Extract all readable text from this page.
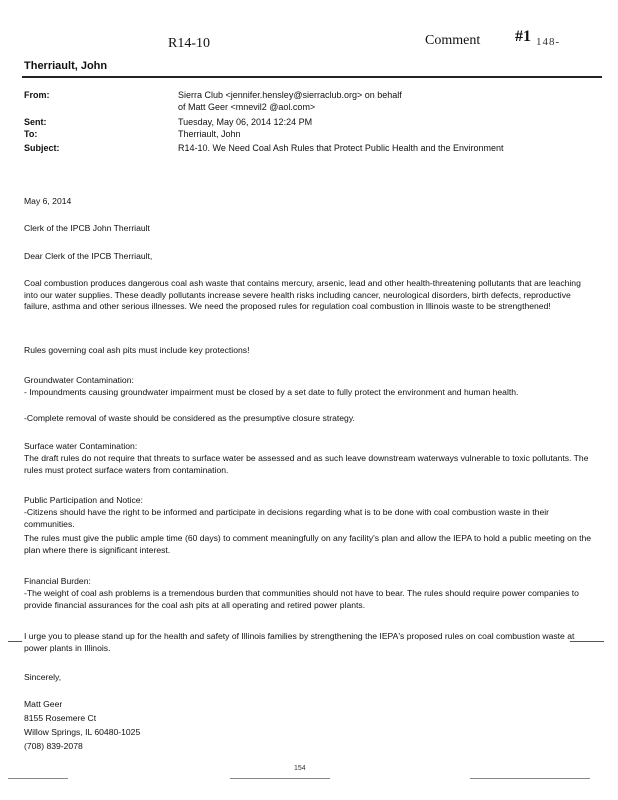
R14-10	Comment #1 148-
Therriault, John
From:	Sierra Club <jennifer.hensley@sierraclub.org> on behalf of Matt Geer <mnevil2 @aol.com>
Sent:	Tuesday, May 06, 2014 12:24 PM
To:	Therriault, John
Subject:	R14-10. We Need Coal Ash Rules that Protect Public Health and the Environment

May 6, 2014

Clerk of the IPCB John Therriault

Dear Clerk of the IPCB Therriault,

Coal combustion produces dangerous coal ash waste that contains mercury, arsenic, lead and other health-threatening pollutants that are leaching into our water supplies. These deadly pollutants increase severe health risks including cancer, neurological disorders, birth defects, reproductive failure, asthma and other serious illnesses. We need the proposed rules for regulation coal combustion in Illinois waste to be strengthened!

Rules governing coal ash pits must include key protections!

Groundwater Contamination:

- Impoundments causing groundwater impairment must be closed by a set date to fully protect the environment and human health.

-Complete removal of waste should be considered as the presumptive closure strategy.

Surface water Contamination:

The draft rules do not require that threats to surface water be assessed and as such leave downstream waterways vulnerable to toxic pollutants. The rules must protect surface waters from contamination.

Public Participation and Notice:

-Citizens should have the right to be informed and participate in decisions regarding what is to be done with coal combustion waste in their communities.

The rules must give the public ample time (60 days) to comment meaningfully on any facility's plan and allow the IEPA to hold a public meeting on the plan where there is significant interest.

Financial Burden:

-The weight of coal ash problems is a tremendous burden that communities should not have to bear. The rules should require power companies to provide financial assurances for the coal ash pits at all operating and retired power plants.

I urge you to please stand up for the health and safety of Illinois families by strengthening the IEPA's proposed rules on coal combustion waste at power plants in Illinois.

Sincerely,

Matt Geer
8155 Rosemere Ct
Willow Springs, IL 60480-1025
(708) 839-2078
154
